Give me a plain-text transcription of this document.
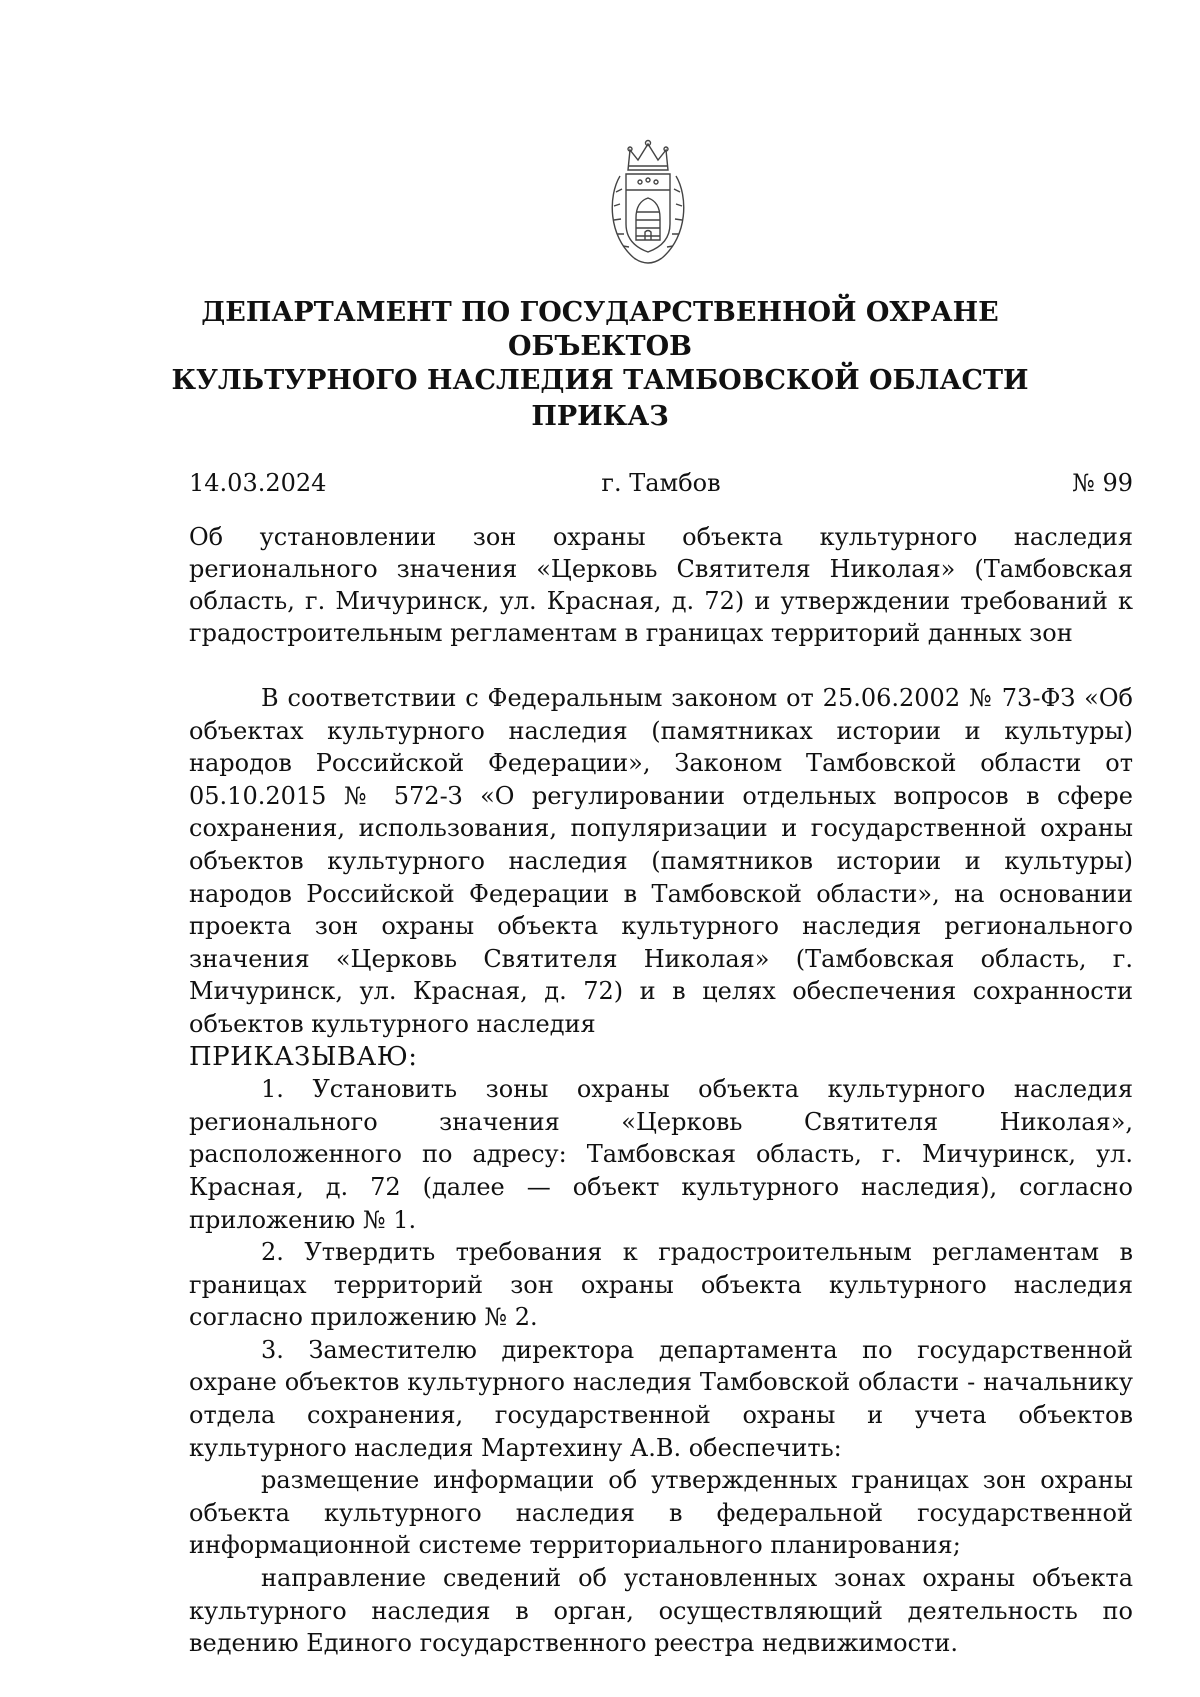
ДЕПАРТАМЕНТ ПО ГОСУДАРСТВЕННОЙ ОХРАНЕ ОБЪЕКТОВ
КУЛЬТУРНОГО НАСЛЕДИЯ ТАМБОВСКОЙ ОБЛАСТИ
ПРИКАЗ
г. Тамбов
14.03.2024	№ 99
Об установлении зон охраны объекта культурного наследия регионального значения «Церковь Святителя Николая» (Тамбовская область, г. Мичуринск, ул. Красная, д. 72) и утверждении требований к градостроительным регламентам в границах территорий данных зон

В соответствии с Федеральным законом от 25.06.2002 № 73-ФЗ «Об объектах культурного наследия (памятниках истории и культуры) народов Российской Федерации», Законом Тамбовской области от 05.10.2015 № 572-З «О регулировании отдельных вопросов в сфере сохранения, использования, популяризации и государственной охраны объектов культурного наследия (памятников истории и культуры) народов Российской Федерации в Тамбовской области», на основании проекта зон охраны объекта культурного наследия регионального значения «Церковь Святителя Николая» (Тамбовская область, г. Мичуринск, ул. Красная, д. 72) и в целях обеспечения сохранности объектов культурного наследия
ПРИКАЗЫВАЮ:

1. Установить зоны охраны объекта культурного наследия регионального значения «Церковь Святителя Николая», расположенного по адресу: Тамбовская область, г. Мичуринск, ул. Красная, д. 72 (далее — объект культурного наследия), согласно приложению № 1.

2. Утвердить требования к градостроительным регламентам в границах территорий зон охраны объекта культурного наследия согласно приложению № 2.

3. Заместителю директора департамента по государственной охране объектов культурного наследия Тамбовской области - начальнику отдела сохранения, государственной охраны и учета объектов культурного наследия Мартехину А.В. обеспечить:

размещение информации об утвержденных границах зон охраны объекта культурного наследия в федеральной государственной информационной системе территориального планирования;

направление сведений об установленных зонах охраны объекта культурного наследия в орган, осуществляющий деятельность по ведению Единого государственного реестра недвижимости.
